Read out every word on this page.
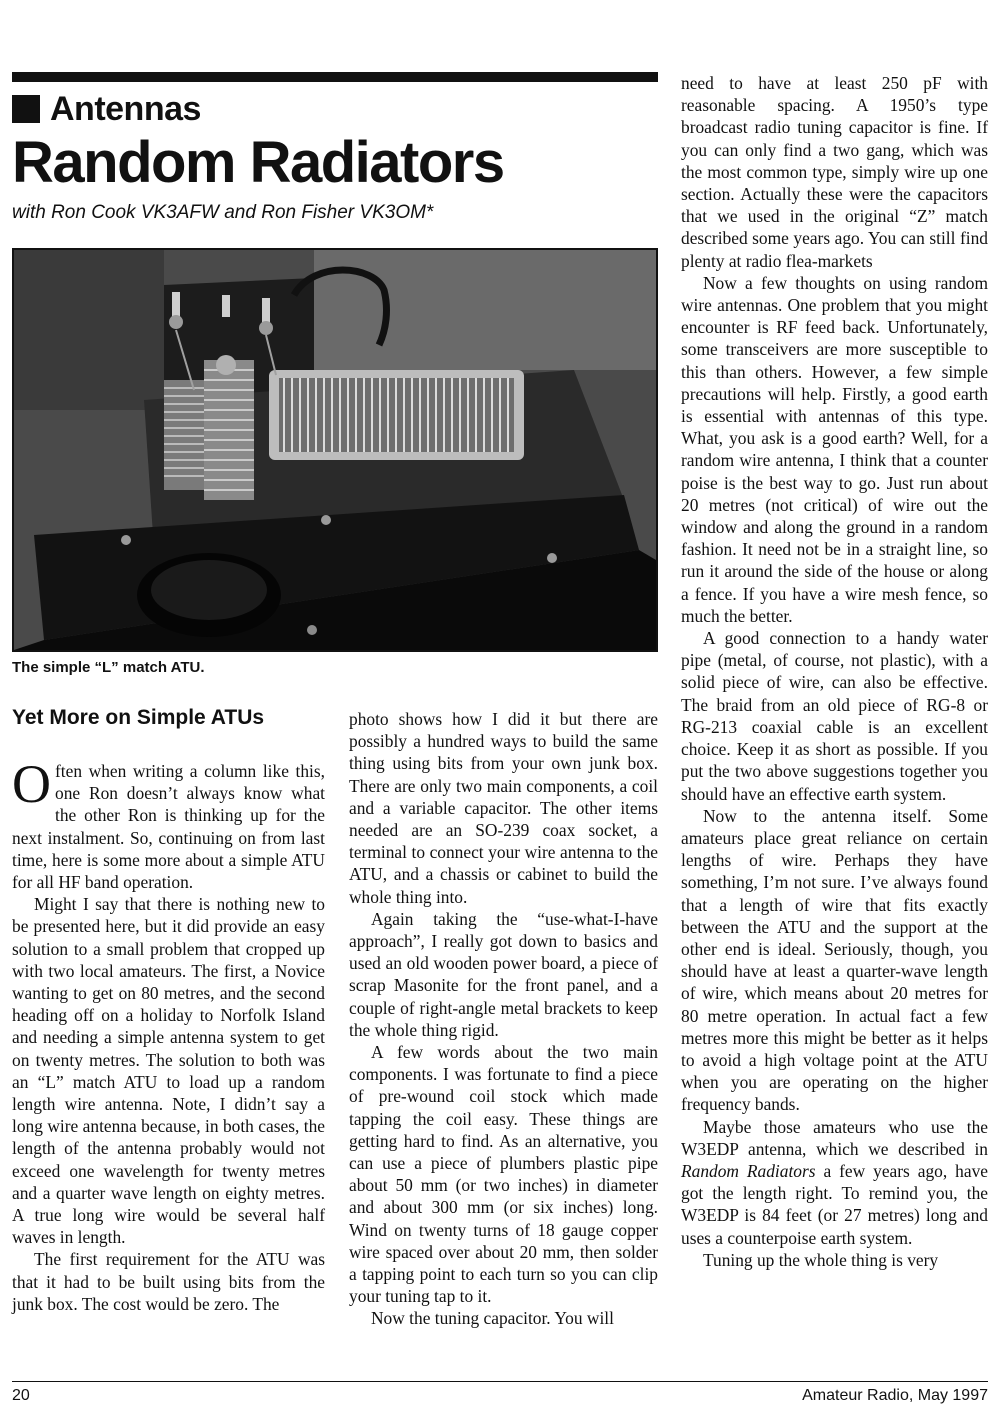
Antennas
Random Radiators
with Ron Cook VK3AFW and Ron Fisher VK3OM*
The simple “L” match ATU.
Yet More on Simple ATUs

Often when writing a column like this, one Ron doesn’t always know what the other Ron is thinking up for the next instalment. So, continuing on from last time, here is some more about a simple ATU for all HF band operation.

Might I say that there is nothing new to be presented here, but it did provide an easy solution to a small problem that cropped up with two local amateurs. The first, a Novice wanting to get on 80 metres, and the second heading off on a holiday to Norfolk Island and needing a simple antenna system to get on twenty metres. The solution to both was an “L” match ATU to load up a random length wire antenna. Note, I didn’t say a long wire antenna because, in both cases, the length of the antenna probably would not exceed one wavelength for twenty metres and a quarter wave length on eighty metres. A true long wire would be several half waves in length.

The first requirement for the ATU was that it had to be built using bits from the junk box. The cost would be zero. The

photo shows how I did it but there are possibly a hundred ways to build the same thing using bits from your own junk box. There are only two main components, a coil and a variable capacitor. The other items needed are an SO-239 coax socket, a terminal to connect your wire antenna to the ATU, and a chassis or cabinet to build the whole thing into.

Again taking the “use-what-I-have approach”, I really got down to basics and used an old wooden power board, a piece of scrap Masonite for the front panel, and a couple of right-angle metal brackets to keep the whole thing rigid.

A few words about the two main components. I was fortunate to find a piece of pre-wound coil stock which made tapping the coil easy. These things are getting hard to find. As an alternative, you can use a piece of plumbers plastic pipe about 50 mm (or two inches) in diameter and about 300 mm (or six inches) long. Wind on twenty turns of 18 gauge copper wire spaced over about 20 mm, then solder a tapping point to each turn so you can clip your tuning tap to it.

Now the tuning capacitor. You will

need to have at least 250 pF with reasonable spacing. A 1950’s type broadcast radio tuning capacitor is fine. If you can only find a two gang, which was the most common type, simply wire up one section. Actually these were the capacitors that we used in the original “Z” match described some years ago. You can still find plenty at radio flea-markets

Now a few thoughts on using random wire antennas. One problem that you might encounter is RF feed back. Unfortunately, some transceivers are more susceptible to this than others. However, a few simple precautions will help. Firstly, a good earth is essential with antennas of this type. What, you ask is a good earth? Well, for a random wire antenna, I think that a counter poise is the best way to go. Just run about 20 metres (not critical) of wire out the window and along the ground in a random fashion. It need not be in a straight line, so run it around the side of the house or along a fence. If you have a wire mesh fence, so much the better.

A good connection to a handy water pipe (metal, of course, not plastic), with a solid piece of wire, can also be effective. The braid from an old piece of RG-8 or RG-213 coaxial cable is an excellent choice. Keep it as short as possible. If you put the two above suggestions together you should have an effective earth system.

Now to the antenna itself. Some amateurs place great reliance on certain lengths of wire. Perhaps they have something, I’m not sure. I’ve always found that a length of wire that fits exactly between the ATU and the support at the other end is ideal. Seriously, though, you should have at least a quarter-wave length of wire, which means about 20 metres for 80 metre operation. In actual fact a few metres more this might be better as it helps to avoid a high voltage point at the ATU when you are operating on the higher frequency bands.

Maybe those amateurs who use the W3EDP antenna, which we described in Random Radiators a few years ago, have got the length right. To remind you, the W3EDP is 84 feet (or 27 metres) long and uses a counterpoise earth system.

Tuning up the whole thing is very

20	Amateur Radio, May 1997
